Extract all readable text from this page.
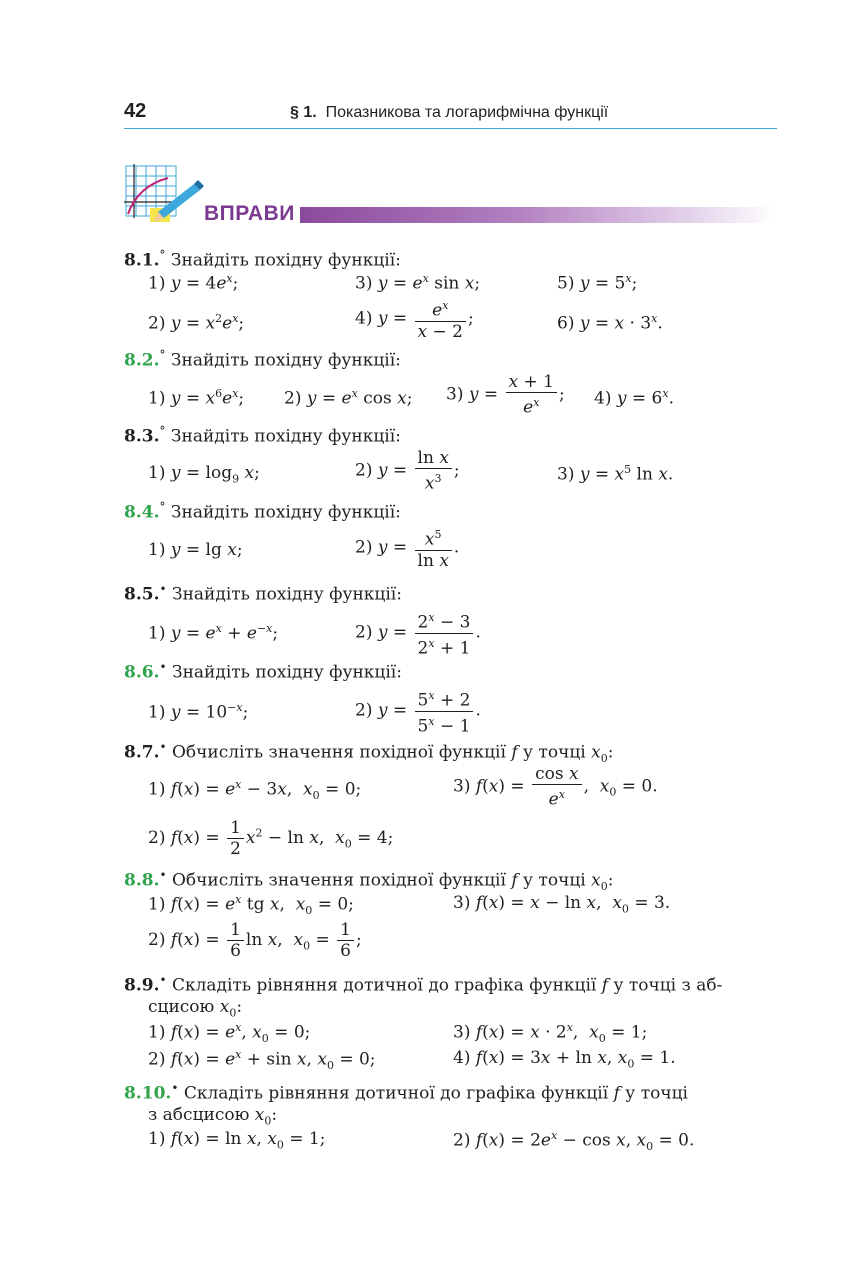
42	§ 1. Показникова та логарифмічна функції
ВПРАВИ
8.1.° Знайдіть похідну функції:
1) $y = 4e^x$;	3) $y = e^x$ sin x;	5) $y = 5^x$;
2) $y = x^2e^x$;	4) $y = \frac{e^x}{x - 2}$ ;	6) $y = x \cdot 3^x$.
8.2.° Знайдіть похідну функції:
1) $y = x^6e^x$; 2) $y = e^x$ cos x; 3) $y = \frac{x + 1}{e^x}$ ; 4) $y = 6^x$.
8.3.° Знайдіть похідну функції:
1) $y = \log_9 x$;	2) $y = \frac{\text{ln x}}{x^3}$ ;	3) $y = x^5$ ln x.
8.4.° Знайдіть похідну функції:
1) y = lg x;	2) $y = \frac{x^5}{\text{ln x}}$ .
8.5.• Знайдіть похідну функції:
1) $y = e^x + e^{-x}$;	2) $y = \frac{2^x - 3}{2^x + 1}$ .
8.6.• Знайдіть похідну функції:
1) $y = 10^{-x}$;	2) $y = \frac{5^x + 2}{5^x - 1}$ .
8.7.• Обчисліть значення похідної функції f у точці $x_0$:
1) $f(x) = e^x - 3x$,  $x_0 = 0$;	3) $f(x) = \frac{\text{cos x}}{e^x}$ ,  $x_0 = 0$.
2) $f(x) = \frac{1}{2} x^2 - \ln x$,  $x_0 = 4$;
8.8.• Обчисліть значення похідної функції f у точці $x_0$:
1) $f(x) = e^x$ tg x,  $x_0 = 0$;	3) f(x) = x − ln x,  $x_0 = 3$.
2) $f(x) = \frac{1}{6}$ ln x,  $x_0 = \frac{1}{6}$ ;
8.9.• Складіть рівняння дотичної до графіка функції f у точці з аб-
сцисою $x_0$:
1) $f(x) = e^x$, $x_0 = 0$;	3) $f(x) = x \cdot 2^x$,  $x_0 = 1$;
2) $f(x) = e^x + \sin x$, $x_0 = 0$;	4) f(x) = 3x + ln x, $x_0 = 1$.
8.10.• Складіть рівняння дотичної до графіка функції f у точці
з абсцисою $x_0$:
1) f(x) = ln x, $x_0 = 1$;	2) $f(x) = 2e^x - \cos x$, $x_0 = 0$.
